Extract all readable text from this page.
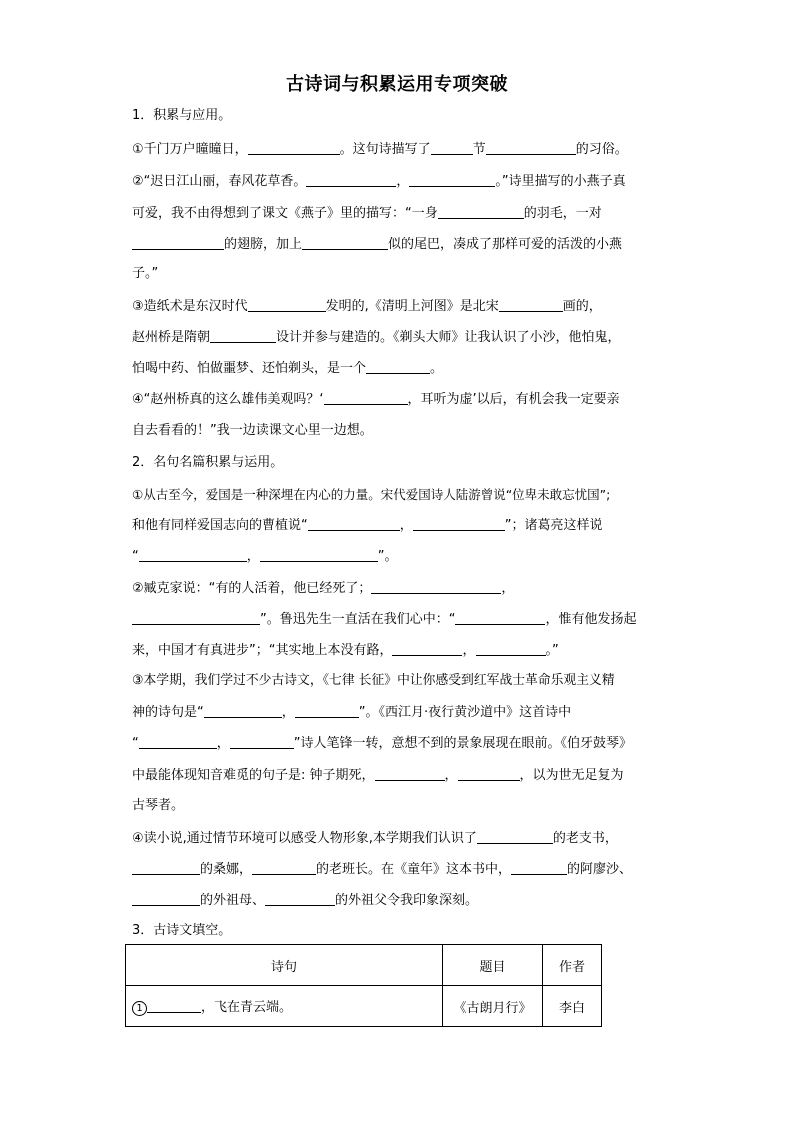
古诗词与积累运用专项突破
1．积累与应用。
①千门万户曈曈日，	。这句诗描写了	节	的习俗。
②“迟日江山丽，春风花草香。	，	。”诗里描写的小燕子真
可爱，我不由得想到了课文《燕子》里的描写：“一身	的羽毛，一对
的翅膀，加上	似的尾巴，凑成了那样可爱的活泼的小燕
子。”
③造纸术是东汉时代	发明的,《清明上河图》是北宋	画的，
赵州桥是隋朝	设计并参与建造的。《剃头大师》让我认识了小沙，他怕鬼，
怕喝中药、怕做噩梦、还怕剃头，是一个	。
④“赵州桥真的这么雄伟美观吗？‘	，耳听为虚’以后，有机会我一定要亲
自去看看的！”我一边读课文心里一边想。
2．名句名篇积累与运用。
①从古至今，爱国是一种深埋在内心的力量。宋代爱国诗人陆游曾说“位卑未敢忘忧国”;
和他有同样爱国志向的曹植说“	，	”；诸葛亮这样说
“	，	”。
②臧克家说：“有的人活着，他已经死了；	，
”。鲁迅先生一直活在我们心中：“	，惟有他发扬起
来，中国才有真进步”；“其实地上本没有路，	，	。”
③本学期，我们学过不少古诗文，《七律 长征》中让你感受到红军战士革命乐观主义精
神的诗句是“	，	”。《西江月·夜行黄沙道中》这首诗中
“	，	”诗人笔锋一转，意想不到的景象展现在眼前。《伯牙鼓琴》
中最能体现知音难觅的句子是: 钟子期死，	，	，以为世无足复为
古琴者。
④读小说,通过情节环境可以感受人物形象,本学期我们认识了	的老支书，
的桑娜，	的老班长。在《童年》这本书中，	的阿廖沙、
的外祖母、	的外祖父令我印象深刻。
3．古诗文填空。
诗句	题目	作者
1 ，飞在青云端。	《古朗月行》	李白
